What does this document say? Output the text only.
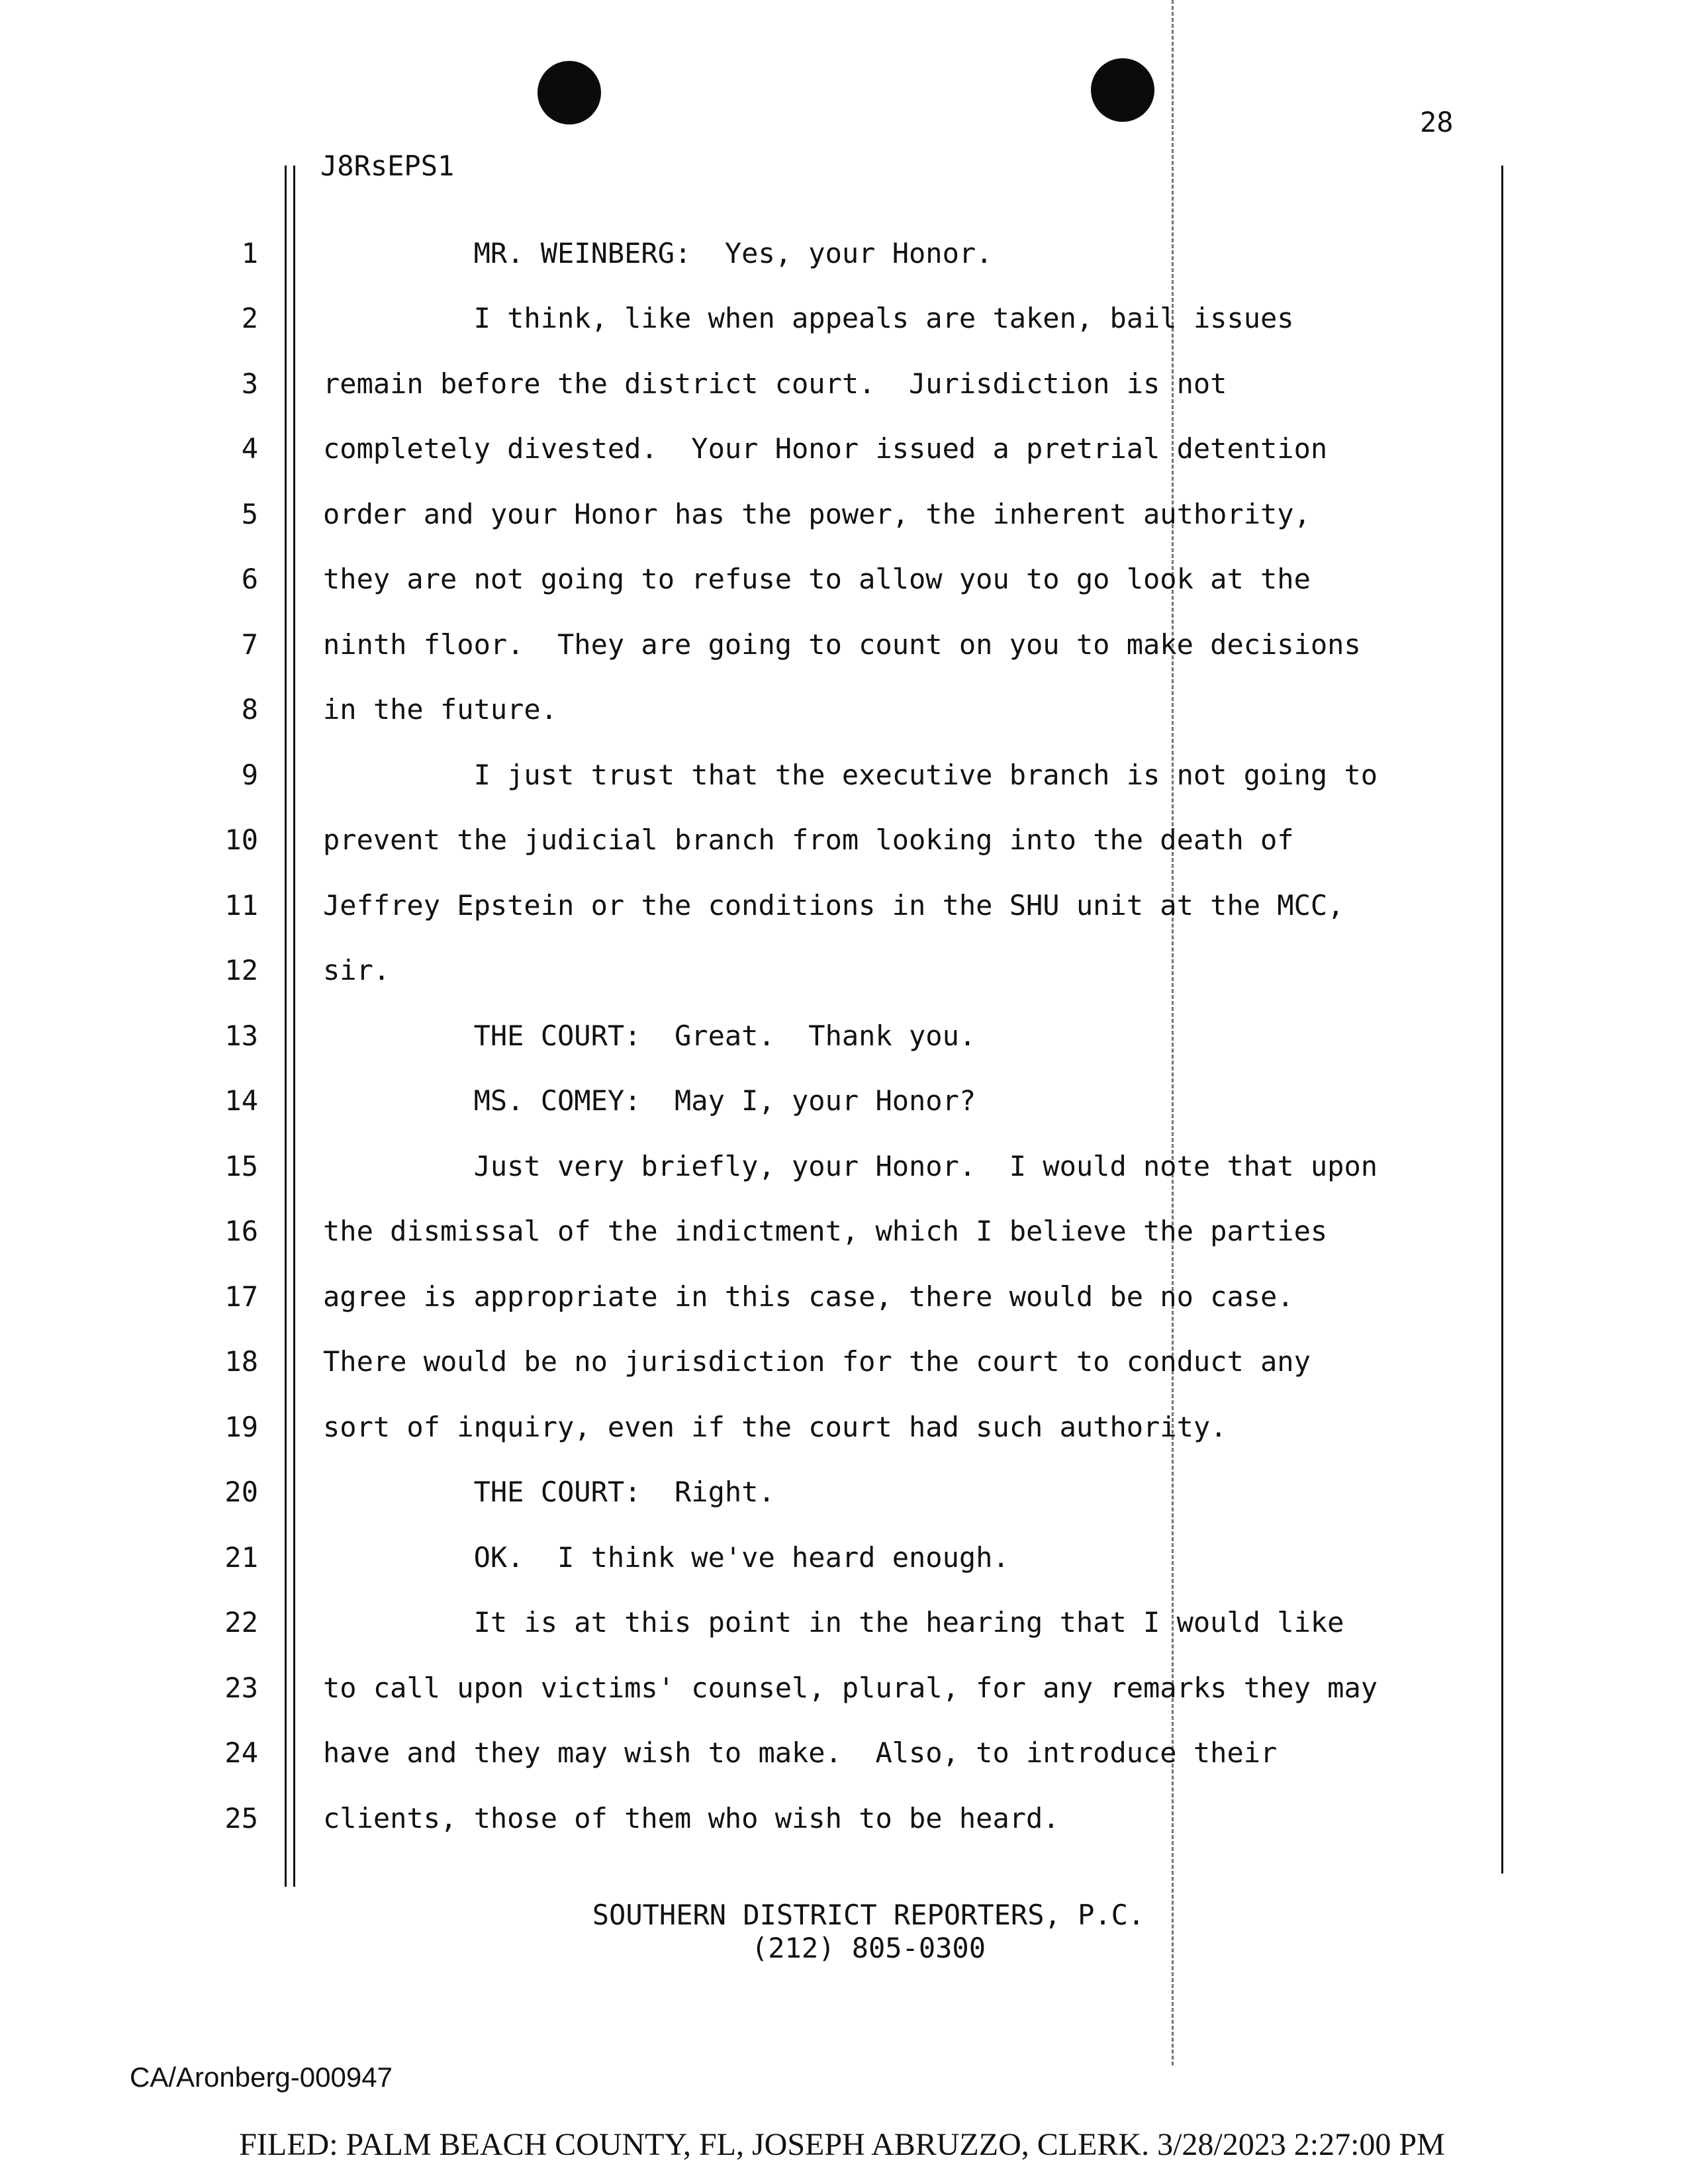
28
J8RsEPS1
1 MR. WEINBERG:  Yes, your Honor.
2 I think, like when appeals are taken, bail issues
3 remain before the district court.  Jurisdiction is not
4 completely divested.  Your Honor issued a pretrial detention
5 order and your Honor has the power, the inherent authority,
6 they are not going to refuse to allow you to go look at the
7 ninth floor.  They are going to count on you to make decisions
8 in the future.
9 I just trust that the executive branch is not going to
10 prevent the judicial branch from looking into the death of
11 Jeffrey Epstein or the conditions in the SHU unit at the MCC,
12 sir.
13 THE COURT:  Great.  Thank you.
14 MS. COMEY:  May I, your Honor?
15 Just very briefly, your Honor.  I would note that upon
16 the dismissal of the indictment, which I believe the parties
17 agree is appropriate in this case, there would be no case.
18 There would be no jurisdiction for the court to conduct any
19 sort of inquiry, even if the court had such authority.
20 THE COURT:  Right.
21 OK.  I think we've heard enough.
22 It is at this point in the hearing that I would like
23 to call upon victims' counsel, plural, for any remarks they may
24 have and they may wish to make.  Also, to introduce their
25 clients, those of them who wish to be heard.
SOUTHERN DISTRICT REPORTERS, P.C.
(212) 805-0300
CA/Aronberg-000947
FILED: PALM BEACH COUNTY, FL, JOSEPH ABRUZZO, CLERK. 3/28/2023 2:27:00 PM
